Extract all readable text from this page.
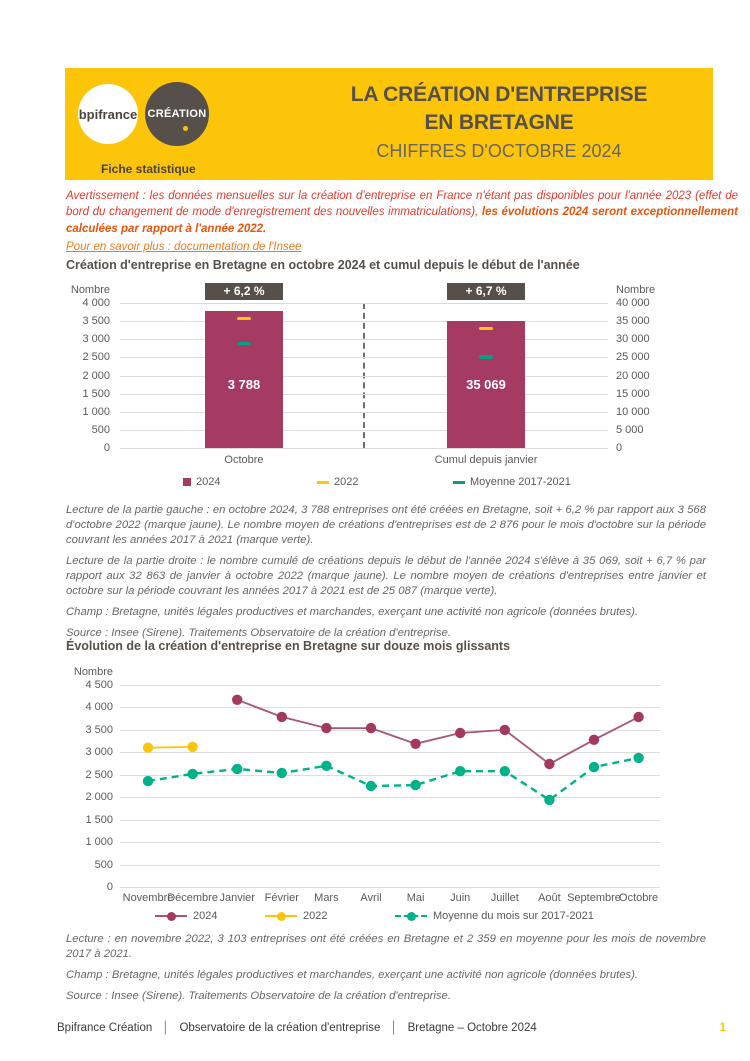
bpifrance CRÉATION
Fiche statistique
LA CRÉATION D'ENTREPRISE
EN BRETAGNE
CHIFFRES D'OCTOBRE 2024
Avertissement : les données mensuelles sur la création d'entreprise en France n'étant pas disponibles pour l'année 2023 (effet de bord du changement de mode d'enregistrement des nouvelles immatriculations), les évolutions 2024 seront exceptionnellement calculées par rapport à l'année 2022.
Pour en savoir plus : documentation de l'Insee
Création d'entreprise en Bretagne en octobre 2024 et cumul depuis le début de l'année
Nombre	Nombre
4 000
3 500
3 000
2 500
2 000
1 500
1 000
500
0
40 000
35 000
30 000
25 000
20 000
15 000
10 000
5 000
0
3 788	35 069
2024	2022	Moyenne 2017-2021
+ 6,2 %
Octobre
+ 6,7 %
Cumul depuis janvier

Lecture de la partie gauche : en octobre 2024, 3 788 entreprises ont été créées en Bretagne, soit + 6,2 % par rapport aux 3 568 d'octobre 2022 (marque jaune). Le nombre moyen de créations d'entreprises est de 2 876 pour le mois d'octobre sur la période couvrant les années 2017 à 2021 (marque verte).

Lecture de la partie droite : le nombre cumulé de créations depuis le début de l'année 2024 s'élève à 35 069, soit + 6,7 % par rapport aux 32 863 de janvier à octobre 2022 (marque jaune). Le nombre moyen de créations d'entreprises entre janvier et octobre sur la période couvrant les années 2017 à 2021 est de 25 087 (marque verte).

Champ : Bretagne, unités légales productives et marchandes, exerçant une activité non agricole (données brutes).

Source : Insee (Sirene). Traitements Observatoire de la création d'entreprise.

Évolution de la création d'entreprise en Bretagne sur douze mois glissants
Nombre
4 500
4 000
3 500
3 000
2 500
2 000
1 500
1 000
500
0
2024	2022	Moyenne du mois sur 2017-2021
Novembre
Décembre Janvier Février	Mars	Avril	Mai	Juin	Juillet	Août Septembre
Octobre

Lecture : en novembre 2022, 3 103 entreprises ont été créées en Bretagne et 2 359 en moyenne pour les mois de novembre 2017 à 2021.

Champ : Bretagne, unités légales productives et marchandes, exerçant une activité non agricole (données brutes).

Source : Insee (Sirene). Traitements Observatoire de la création d'entreprise.

Bpifrance Création │ Observatoire de la création d'entreprise │ Bretagne – Octobre 2024	1
